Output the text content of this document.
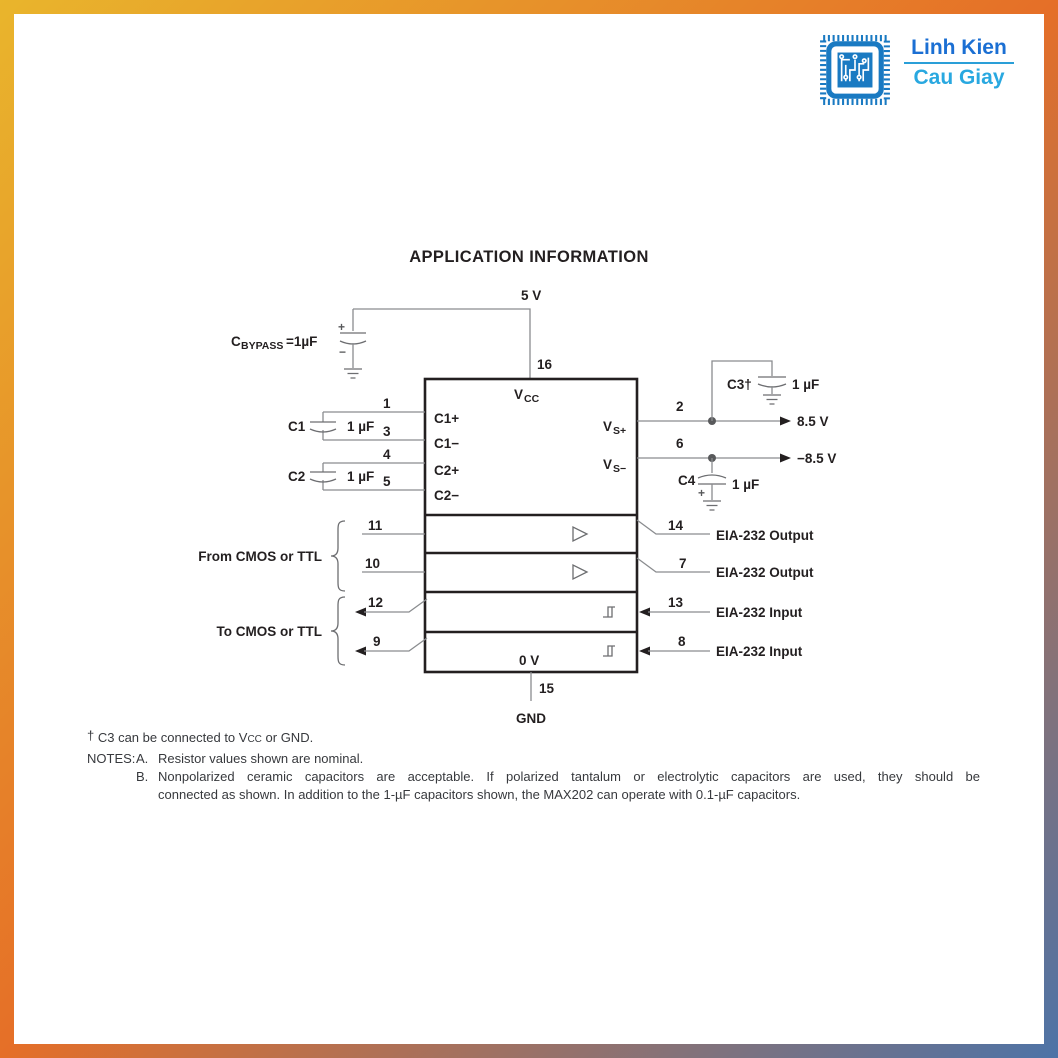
Linh Kien
Cau Giay
APPLICATION INFORMATION
5 V
16
+
−
C BYPASS =1µF
V CC
C1+
C1−
C2+
C2−
V S+
V S−
0 V
1
3
4
5
C1	1 µF
C2	1 µF
2
8.5 V
C3†	1 µF
6
−8.5 V
+
C4	1 µF
11	14
EIA-232 Output
10	7
EIA-232 Output
12	13
EIA-232 Input
9	8
EIA-232 Input
From CMOS or TTL
To CMOS or TTL
15
GND
† C3 can be connected to VCC or GND.
NOTES: A. Resistor values shown are nominal.
B. Nonpolarized ceramic capacitors are acceptable. If polarized tantalum or electrolytic capacitors are used, they should be
connected as shown. In addition to the 1-µF capacitors shown, the MAX202 can operate with 0.1-µF capacitors.
